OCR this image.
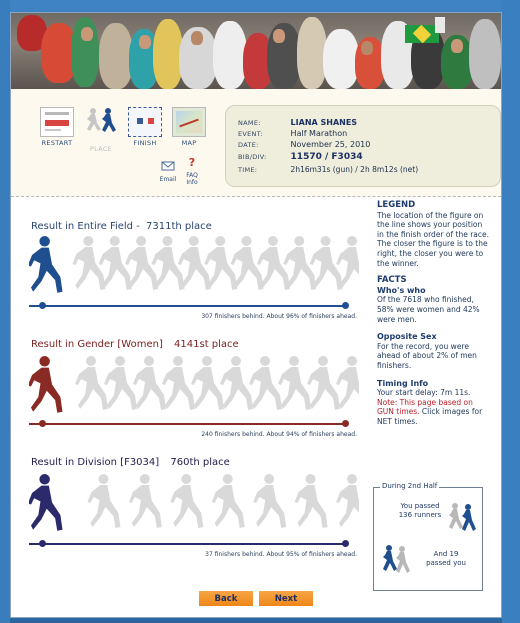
RESTART
PLACE
FINISH	MAP
Email
?
FAQ
Info
NAME:	LIANA SHANES
EVENT:	Half Marathon
DATE:	November 25, 2010
BIB/DIV:	11570 / F3034
TIME:	2h16m31s (gun) / 2h 8m12s (net)
Result in Entire Field - 7311th place
307 finishers behind. About 96% of finishers ahead.
Result in Gender [Women] 4141st place
240 finishers behind. About 94% of finishers ahead.
Result in Division [F3034] 760th place
37 finishers behind. About 95% of finishers ahead.
LEGEND
The location of the figure on the line shows your position in the finish order of the race. The closer the figure is to the right, the closer you were to the winner.
FACTS
Who's who
Of the 7618 who finished, 58% were women and 42% were men.
Opposite Sex
For the record, you were ahead of about 2% of men finishers.
Timing Info
Your start delay: 7m 11s. Note: This page based on GUN times. Click images for NET times.
During 2nd Half
You passed 136 runners
And 19 passed you
Back	Next
